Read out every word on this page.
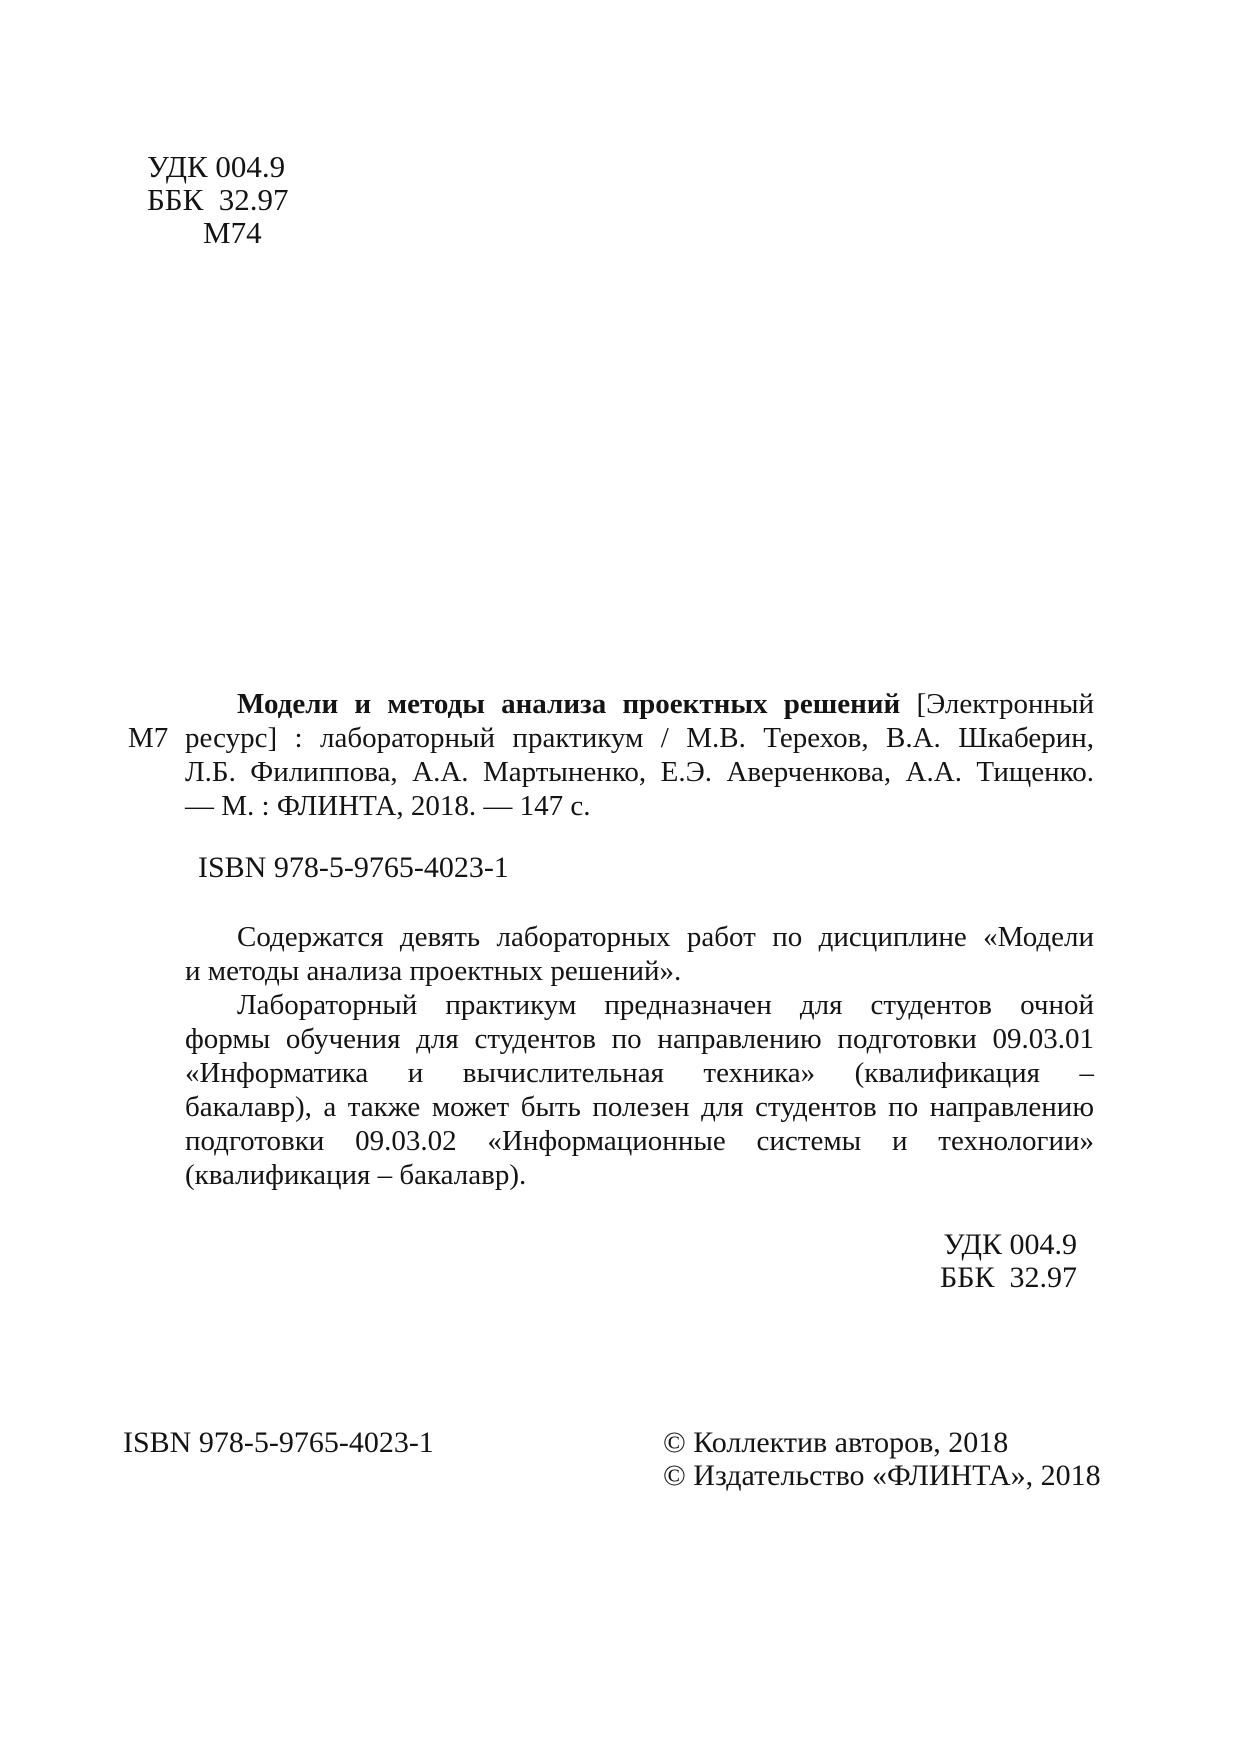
УДК 004.9
ББК  32.97
М74
М7
Модели и методы анализа проектных решений [Электронный
ресурс] : лабораторный практикум / М.В. Терехов, В.А. Шкаберин,
Л.Б. Филиппова, А.А. Мартыненко, Е.Э. Аверченкова, А.А. Тищенко.
— М. : ФЛИНТА, 2018. — 147 с.
ISBN 978-5-9765-4023-1
Содержатся девять лабораторных работ по дисциплине «Модели
и методы анализа проектных решений».
Лабораторный практикум предназначен для студентов очной
формы обучения для студентов по направлению подготовки 09.03.01
«Информатика и вычислительная техника» (квалификация –
бакалавр), а также может быть полезен для студентов по направлению
подготовки 09.03.02 «Информационные системы и технологии»
(квалификация – бакалавр).
УДК 004.9
ББК  32.97
ISBN 978-5-9765-4023-1	© Коллектив авторов, 2018
© Издательство «ФЛИНТА», 2018
